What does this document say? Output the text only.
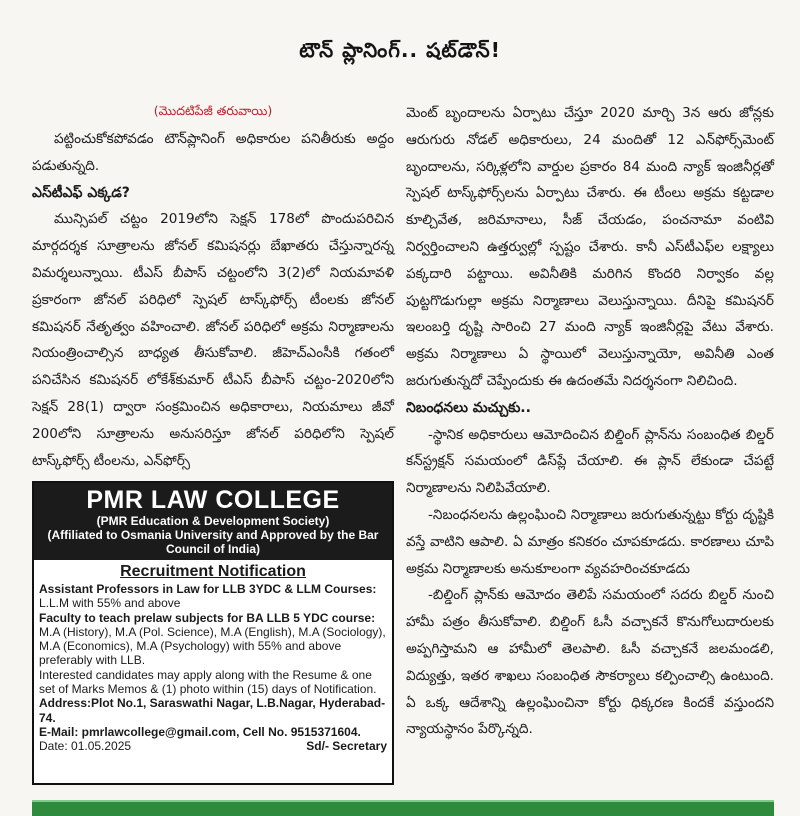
టౌన్ ప్లానింగ్.. షట్‌డౌన్!

(మొదటిపేజీ తరువాయి)

పట్టించుకోకపోవడం టౌన్‌ప్లానింగ్ అధికారుల పనితీరుకు అద్దం పడుతున్నది.

ఎస్‌టీఎఫ్ ఎక్కడ?

మున్సిపల్ చట్టం 2019లోని సెక్షన్ 178లో పొందుపరిచిన మార్గదర్శక సూత్రాలను జోనల్ కమిషనర్లు బేఖాతరు చేస్తున్నారన్న విమర్శలున్నాయి. టీఎస్ బీపాస్ చట్టంలోని 3(2)లో నియమావళి ప్రకారంగా జోనల్ పరిధిలో స్పెషల్ టాస్క్‌ఫోర్స్ టీంలకు జోనల్ కమిషనర్ నేతృత్వం వహించాలి. జోనల్ పరిధిలో అక్రమ నిర్మాణాలను నియంత్రించాల్సిన బాధ్యత తీసుకోవాలి. జీహెచ్ఎంసీకి గతంలో పనిచేసిన కమిషనర్ లోకేశ్‌కుమార్ టీఎస్ బీపాస్ చట్టం-2020లోని సెక్షన్ 28(1) ద్వారా సంక్రమించిన అధికారాలు, నియమాలు జీవో 200లోని సూత్రాలను అనుసరిస్తూ జోనల్ పరిధిలోని స్పెషల్ టాస్క్‌ఫోర్స్ టీంలను, ఎన్‌ఫోర్స్

మెంట్ బృందాలను ఏర్పాటు చేస్తూ 2020 మార్చి 3న ఆరు జోన్లకు ఆరుగురు నోడల్ అధికారులు, 24 మందితో 12 ఎన్‌ఫోర్స్‌మెంట్ బృందాలను, సర్కిళ్లలోని వార్డుల ప్రకారం 84 మంది న్యాక్ ఇంజినీర్లతో స్పెషల్ టాస్క్‌ఫోర్స్‌లను ఏర్పాటు చేశారు. ఈ టీంలు అక్రమ కట్టడాల కూల్చివేత, జరిమానాలు, సీజ్ చేయడం, పంచనామా వంటివి నిర్వర్తించాలని ఉత్తర్వుల్లో స్పష్టం చేశారు. కానీ ఎస్‌టీఎఫ్‌ల లక్ష్యాలు పక్కదారి పట్టాయి. అవినీతికి మరిగిన కొందరి నిర్వాకం వల్ల పుట్టగొడుగుల్లా అక్రమ నిర్మాణాలు వెలుస్తున్నాయి. దీనిపై కమిషనర్ ఇలంబర్తి దృష్టి సారించి 27 మంది న్యాక్ ఇంజినీర్లపై వేటు వేశారు. అక్రమ నిర్మాణాలు ఏ స్థాయిలో వెలుస్తున్నాయో, అవినీతి ఎంత జరుగుతున్నదో చెప్పేందుకు ఈ ఉదంతమే నిదర్శనంగా నిలిచింది.

నిబంధనలు మచ్చుకు..

-స్థానిక అధికారులు ఆమోదించిన బిల్డింగ్ ప్లాన్‌ను సంబంధిత బిల్డర్ కన్‌స్ట్రక్షన్ సమయంలో డిస్‌ప్లే చేయాలి. ఈ ప్లాన్ లేకుండా చేపట్టే నిర్మాణాలను నిలిపివేయాలి.

-నిబంధనలను ఉల్లంఘించి నిర్మాణాలు జరుగుతున్నట్టు కోర్టు దృష్టికి వస్తే వాటిని ఆపాలి. ఏ మాత్రం కనికరం చూపకూడదు. కారణాలు చూపి అక్రమ నిర్మాణాలకు అనుకూలంగా వ్యవహరించకూడదు

-బిల్డింగ్ ప్లాన్‌కు ఆమోదం తెలిపే సమయంలో సదరు బిల్డర్ నుంచి హామీ పత్రం తీసుకోవాలి. బిల్డింగ్ ఓసీ వచ్చాకనే కొనుగోలుదారులకు అప్పగిస్తామని ఆ హామీలో తెలపాలి. ఓసీ వచ్చాకనే జలమండలి, విద్యుత్తు, ఇతర శాఖలు సంబంధిత సౌకర్యాలు కల్పించాల్సి ఉంటుంది. ఏ ఒక్క ఆదేశాన్ని ఉల్లంఘించినా కోర్టు ధిక్కరణ కిందకే వస్తుందని న్యాయస్థానం పేర్కొన్నది.

PMR LAW COLLEGE
(PMR Education & Development Society)
(Affiliated to Osmania University and Approved by the Bar Council of India)

Recruitment Notification

Assistant Professors in Law for LLB 3YDC & LLM Courses:

L.L.M with 55% and above

Faculty to teach prelaw subjects for BA LLB 5 YDC course:

M.A (History), M.A (Pol. Science), M.A (English), M.A (Sociology), M.A (Economics), M.A (Psychology) with 55% and above preferably with LLB.

Interested candidates may apply along with the Resume & one set of Marks Memos & (1) photo within (15) days of Notification.

Address:Plot No.1, Saraswathi Nagar, L.B.Nagar, Hyderabad-74.

E-Mail: pmrlawcollege@gmail.com, Cell No. 9515371604.

Date: 01.05.2025	Sd/- Secretary
